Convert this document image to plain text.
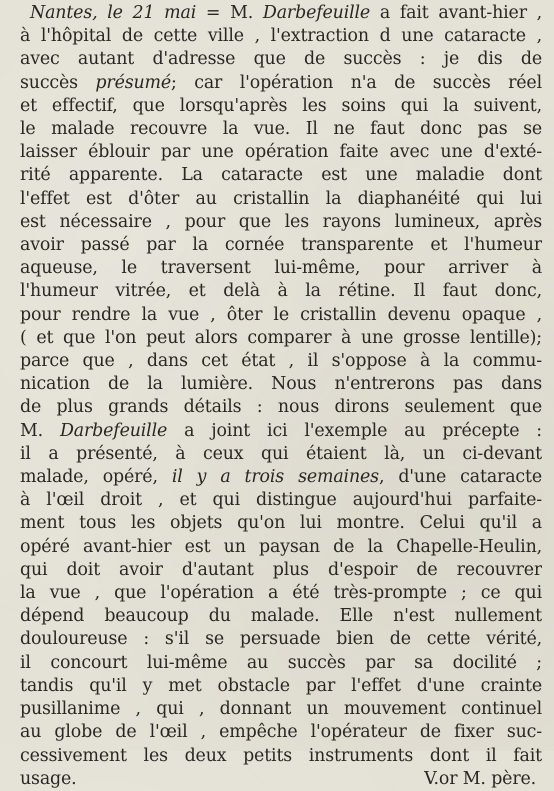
Nantes, le 21 mai = M. Darbefeuille a fait avant-hier ,
à l'hôpital de cette ville , l'extraction d une cataracte ,
avec autant d'adresse que de succès : je dis de
succès présumé; car l'opération n'a de succès réel
et effectif, que lorsqu'après les soins qui la suivent,
le malade recouvre la vue. Il ne faut donc pas se
laisser éblouir par une opération faite avec une d'exté-
rité apparente. La cataracte est une maladie dont
l'effet est d'ôter au cristallin la diaphanéité qui lui
est nécessaire , pour que les rayons lumineux, après
avoir passé par la cornée transparente et l'humeur
aqueuse, le traversent lui-même, pour arriver à
l'humeur vitrée, et delà à la rétine. Il faut donc,
pour rendre la vue , ôter le cristallin devenu opaque ,
( et que l'on peut alors comparer à une grosse lentille);
parce que , dans cet état , il s'oppose à la commu-
nication de la lumière. Nous n'entrerons pas dans
de plus grands détails : nous dirons seulement que
M. Darbefeuille a joint ici l'exemple au précepte :
il a présenté, à ceux qui étaient là, un ci-devant
malade, opéré, il y a trois semaines, d'une cataracte
à l'œil droit , et qui distingue aujourd'hui parfaite-
ment tous les objets qu'on lui montre. Celui qu'il a
opéré avant-hier est un paysan de la Chapelle-Heulin,
qui doit avoir d'autant plus d'espoir de recouvrer
la vue , que l'opération a été très-prompte ; ce qui
dépend beaucoup du malade. Elle n'est nullement
douloureuse : s'il se persuade bien de cette vérité,
il concourt lui-même au succès par sa docilité ;
tandis qu'il y met obstacle par l'effet d'une crainte
pusillanime , qui , donnant un mouvement continuel
au globe de l'œil , empêche l'opérateur de fixer suc-
cessivement les deux petits instruments dont il fait
usage.	V.or M. père.
